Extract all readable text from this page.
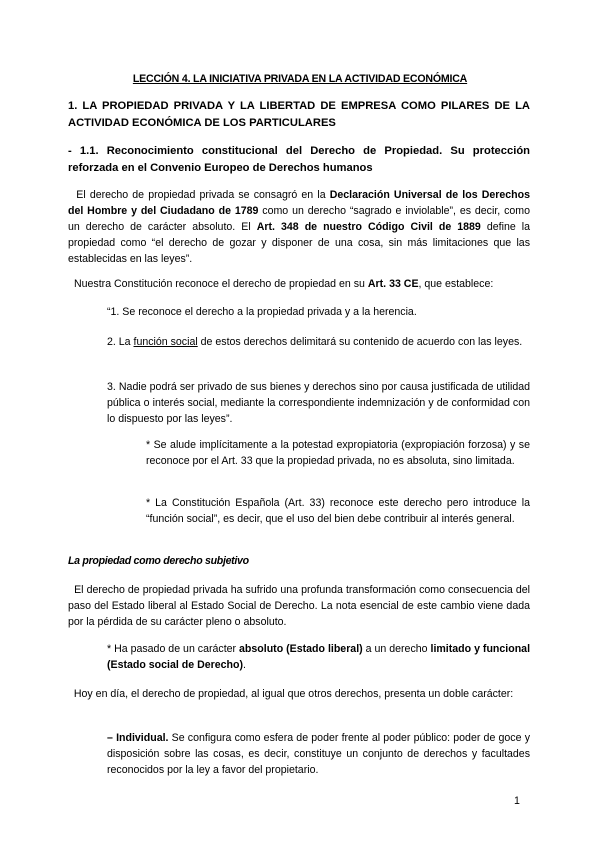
LECCIÓN 4. LA INICIATIVA PRIVADA EN LA ACTIVIDAD ECONÓMICA

1. LA PROPIEDAD PRIVADA Y LA LIBERTAD DE EMPRESA COMO PILARES DE LA ACTIVIDAD ECONÓMICA DE LOS PARTICULARES

- 1.1. Reconocimiento constitucional del Derecho de Propiedad. Su protección reforzada en el Convenio Europeo de Derechos humanos

El derecho de propiedad privada se consagró en la Declaración Universal de los Derechos del Hombre y del Ciudadano de 1789 como un derecho “sagrado e inviolable”, es decir, como un derecho de carácter absoluto. El Art. 348 de nuestro Código Civil de 1889 define la propiedad como “el derecho de gozar y disponer de una cosa, sin más limitaciones que las establecidas en las leyes”.

Nuestra Constitución reconoce el derecho de propiedad en su Art. 33 CE, que establece:

“1. Se reconoce el derecho a la propiedad privada y a la herencia.

2. La función social de estos derechos delimitará su contenido de acuerdo con las leyes.

3. Nadie podrá ser privado de sus bienes y derechos sino por causa justificada de utilidad pública o interés social, mediante la correspondiente indemnización y de conformidad con lo dispuesto por las leyes”.

* Se alude implícitamente a la potestad expropiatoria (expropiación forzosa) y se reconoce por el Art. 33 que la propiedad privada, no es absoluta, sino limitada.

* La Constitución Española (Art. 33) reconoce este derecho pero introduce la “función social”, es decir, que el uso del bien debe contribuir al interés general.

La propiedad como derecho subjetivo

El derecho de propiedad privada ha sufrido una profunda transformación como consecuencia del paso del Estado liberal al Estado Social de Derecho. La nota esencial de este cambio viene dada por la pérdida de su carácter pleno o absoluto.

* Ha pasado de un carácter absoluto (Estado liberal) a un derecho limitado y funcional (Estado social de Derecho).

Hoy en día, el derecho de propiedad, al igual que otros derechos, presenta un doble carácter:

– Individual. Se configura como esfera de poder frente al poder público: poder de goce y disposición sobre las cosas, es decir, constituye un conjunto de derechos y facultades reconocidos por la ley a favor del propietario.

1
